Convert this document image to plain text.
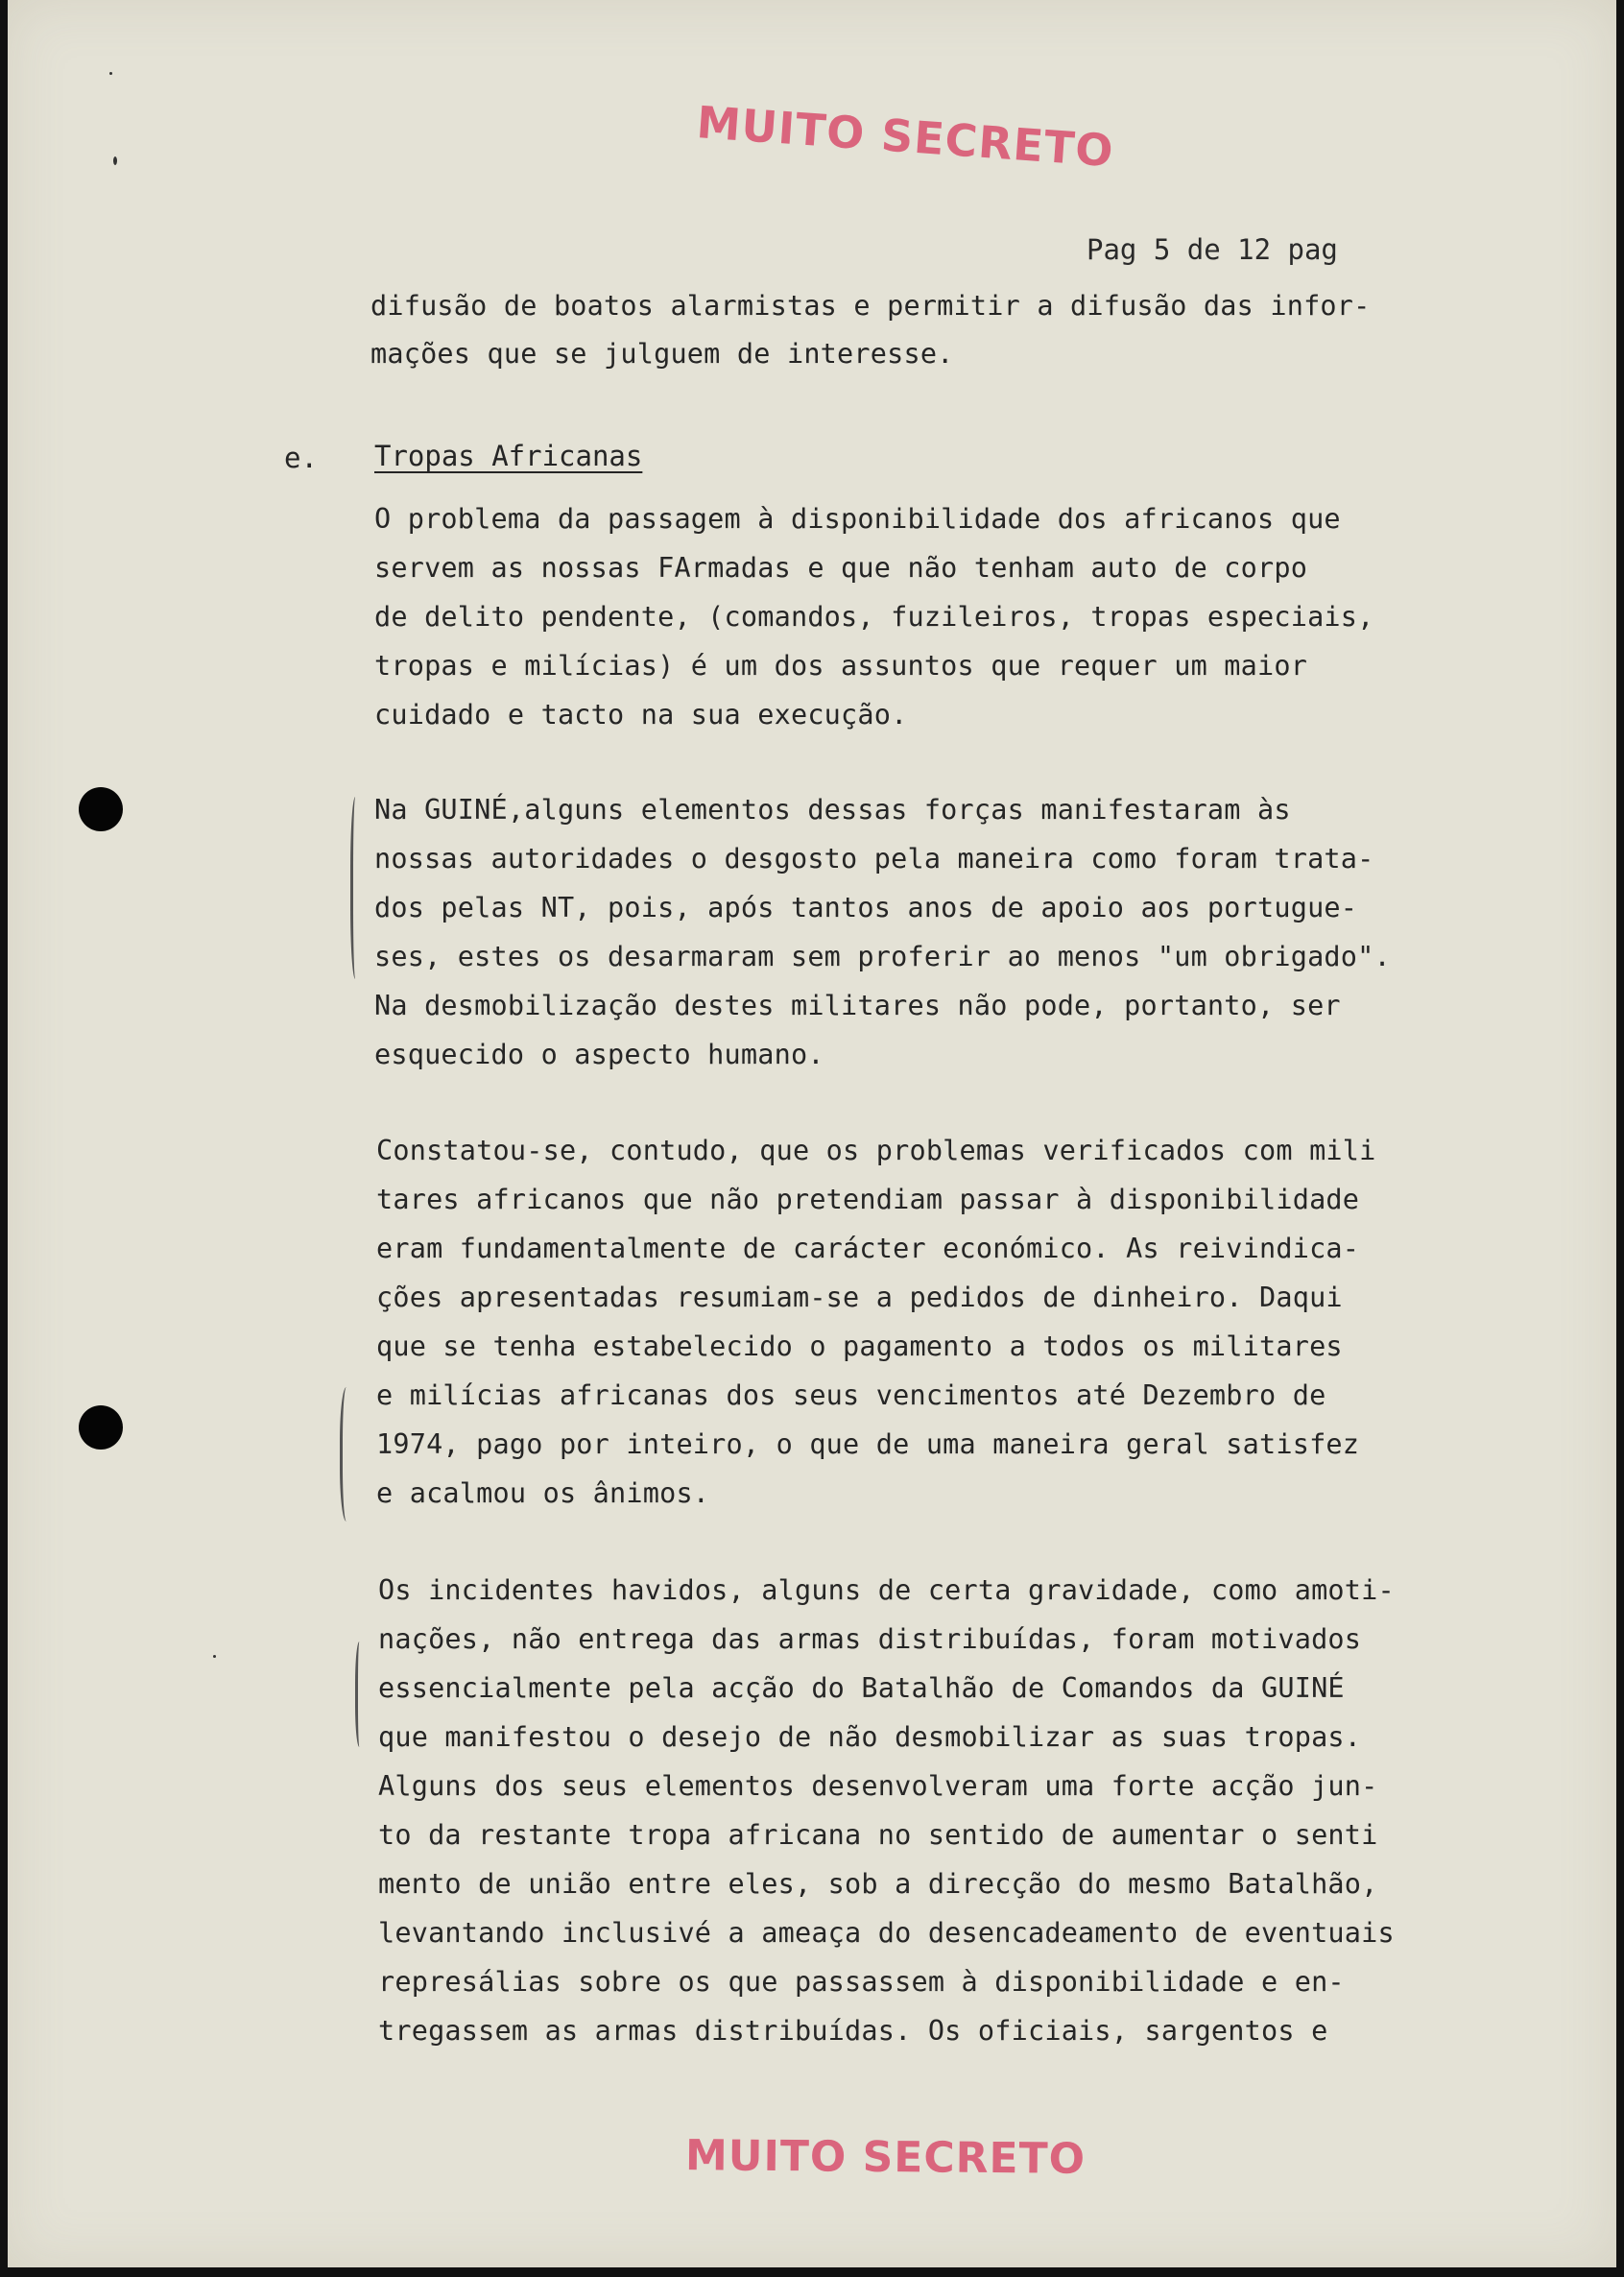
MUITO SECRETO
Pag 5 de 12 pag
difusão de boatos alarmistas e permitir a difusão das infor-
mações que se julguem de interesse.
e. Tropas Africanas
O problema da passagem à disponibilidade dos africanos que
servem as nossas FArmadas e que não tenham auto de corpo
de delito pendente, (comandos, fuzileiros, tropas especiais,
tropas e milícias) é um dos assuntos que requer um maior
cuidado e tacto na sua execução.
Na GUINÉ,alguns elementos dessas forças manifestaram às
nossas autoridades o desgosto pela maneira como foram trata-
dos pelas NT, pois, após tantos anos de apoio aos portugue-
ses, estes os desarmaram sem proferir ao menos "um obrigado".
Na desmobilização destes militares não pode, portanto, ser
esquecido o aspecto humano.
Constatou-se, contudo, que os problemas verificados com mili
tares africanos que não pretendiam passar à disponibilidade
eram fundamentalmente de carácter económico. As reivindica-
ções apresentadas resumiam-se a pedidos de dinheiro. Daqui
que se tenha estabelecido o pagamento a todos os militares
e milícias africanas dos seus vencimentos até Dezembro de
1974, pago por inteiro, o que de uma maneira geral satisfez
e acalmou os ânimos.
Os incidentes havidos, alguns de certa gravidade, como amoti-
nações, não entrega das armas distribuídas, foram motivados
essencialmente pela acção do Batalhão de Comandos da GUINÉ
que manifestou o desejo de não desmobilizar as suas tropas.
Alguns dos seus elementos desenvolveram uma forte acção jun-
to da restante tropa africana no sentido de aumentar o senti
mento de união entre eles, sob a direcção do mesmo Batalhão,
levantando inclusivé a ameaça do desencadeamento de eventuais
represálias sobre os que passassem à disponibilidade e en-
tregassem as armas distribuídas. Os oficiais, sargentos e
MUITO SECRETO
